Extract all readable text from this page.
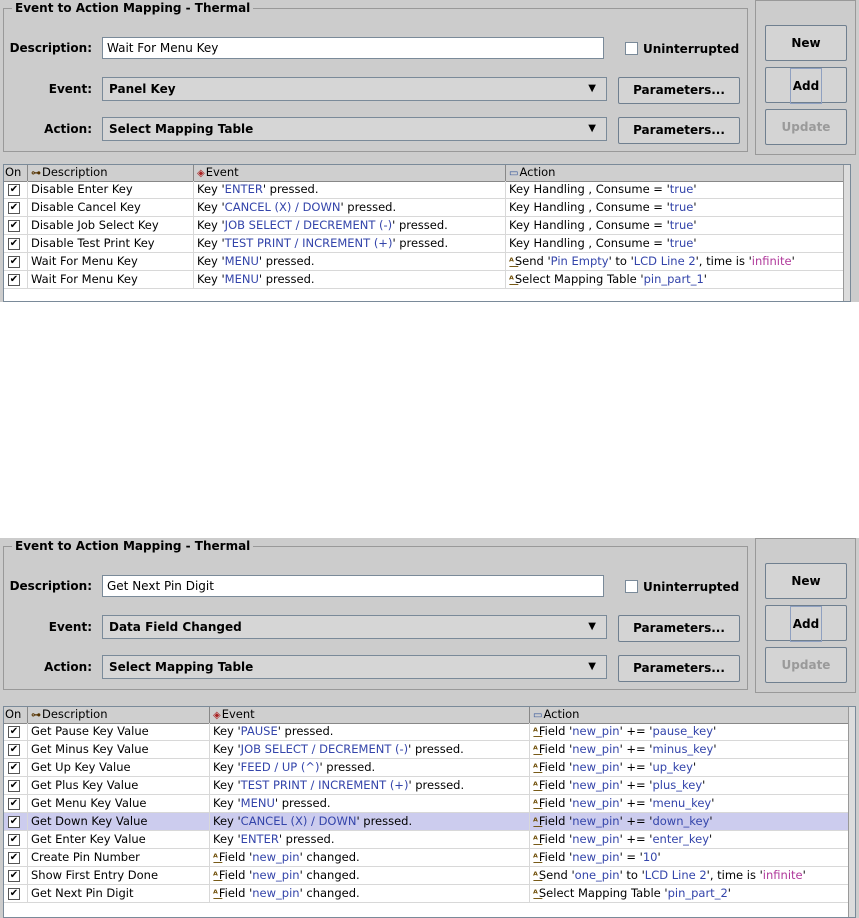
Event to Action Mapping - Thermal
Description:	Wait For Menu Key	Uninterrupted
Event:	Panel Key	▼	Parameters...
Action:	Select Mapping Table	▼	Parameters...
New
Add
Update
On ⊶Description	◈Event	▭Action
✔ Disable Enter Key	Key 'ENTER' pressed.	Key Handling , Consume = 'true'
✔ Disable Cancel Key	Key 'CANCEL (X) / DOWN' pressed.	Key Handling , Consume = 'true'
✔ Disable Job Select Key	Key 'JOB SELECT / DECREMENT (-)' pressed.	Key Handling , Consume = 'true'
✔ Disable Test Print Key	Key 'TEST PRINT / INCREMENT (+)' pressed.	Key Handling , Consume = 'true'
✔ Wait For Menu Key	Key 'MENU' pressed.	ᴬ͟Send 'Pin Empty' to 'LCD Line 2', time is 'infinite'
✔ Wait For Menu Key	Key 'MENU' pressed.	ᴬ͟Select Mapping Table 'pin_part_1'
Event to Action Mapping - Thermal
Description:	Get Next Pin Digit	Uninterrupted
Event:	Data Field Changed	▼	Parameters...
Action:	Select Mapping Table	▼	Parameters...
New
Add
Update
On ⊶Description	◈Event	▭Action
✔ Get Pause Key Value	Key 'PAUSE' pressed.	ᴬ͟Field 'new_pin' += 'pause_key'
✔ Get Minus Key Value	Key 'JOB SELECT / DECREMENT (-)' pressed.	ᴬ͟Field 'new_pin' += 'minus_key'
✔ Get Up Key Value	Key 'FEED / UP (^)' pressed.	ᴬ͟Field 'new_pin' += 'up_key'
✔ Get Plus Key Value	Key 'TEST PRINT / INCREMENT (+)' pressed.	ᴬ͟Field 'new_pin' += 'plus_key'
✔ Get Menu Key Value	Key 'MENU' pressed.	ᴬ͟Field 'new_pin' += 'menu_key'
✔ Get Down Key Value	Key 'CANCEL (X) / DOWN' pressed.	ᴬ͟Field 'new_pin' += 'down_key'
✔ Get Enter Key Value	Key 'ENTER' pressed.	ᴬ͟Field 'new_pin' += 'enter_key'
✔ Create Pin Number	ᴬ͟Field 'new_pin' changed.	ᴬ͟Field 'new_pin' = '10'
✔ Show First Entry Done	ᴬ͟Field 'new_pin' changed.	ᴬ͟Send 'one_pin' to 'LCD Line 2', time is 'infinite'
✔ Get Next Pin Digit	ᴬ͟Field 'new_pin' changed.	ᴬ͟Select Mapping Table 'pin_part_2'
